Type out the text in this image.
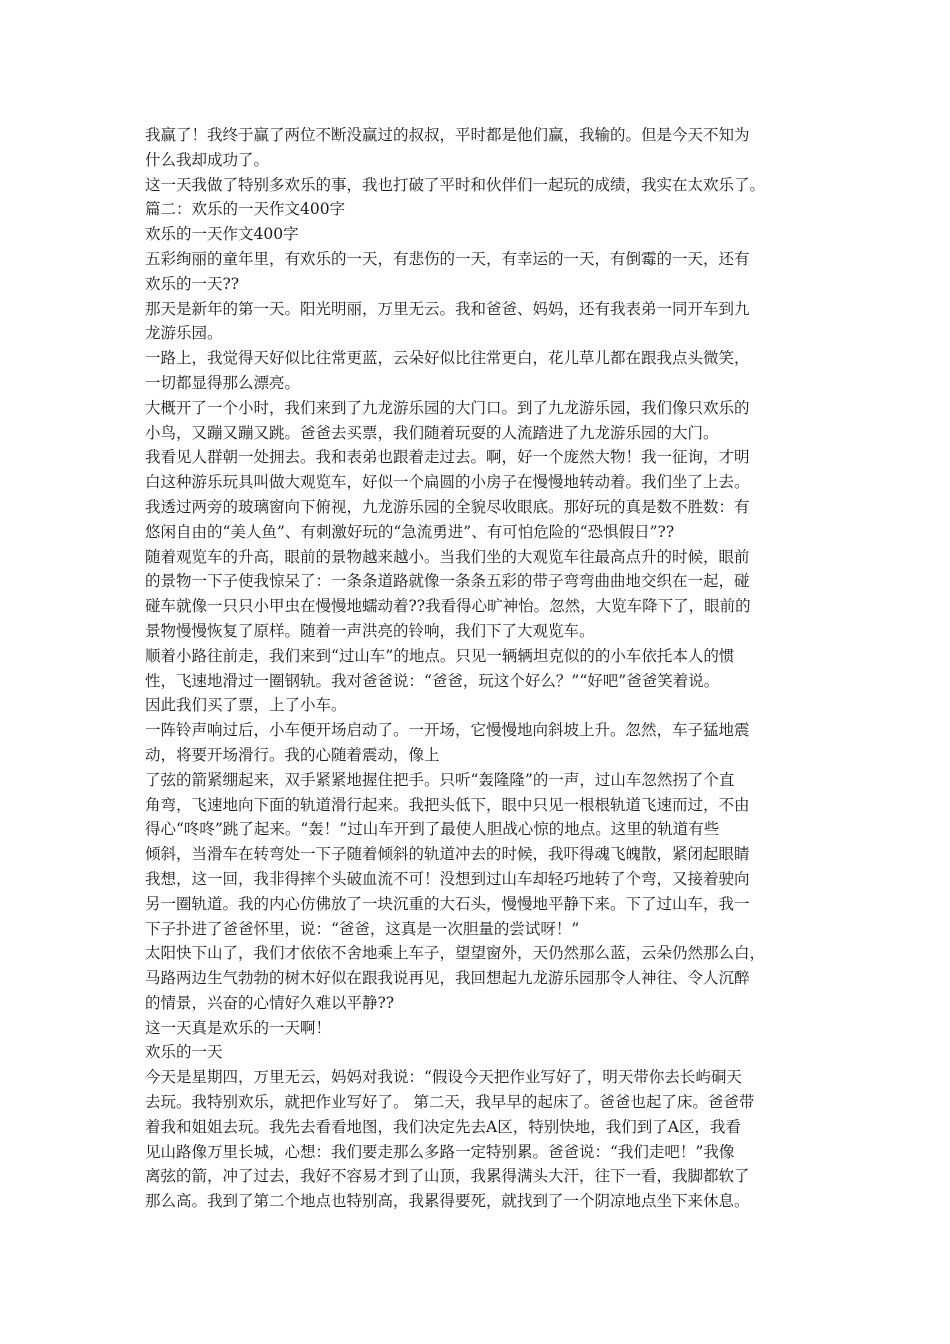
我赢了！我终于赢了两位不断没赢过的叔叔，平时都是他们赢，我输的。但是今天不知为
什么我却成功了。
这一天我做了特别多欢乐的事，我也打破了平时和伙伴们一起玩的成绩，我实在太欢乐了。
篇二：欢乐的一天作文400字
欢乐的一天作文400字
五彩绚丽的童年里，有欢乐的一天，有悲伤的一天，有幸运的一天，有倒霉的一天，还有
欢乐的一天??
那天是新年的第一天。阳光明丽，万里无云。我和爸爸、妈妈，还有我表弟一同开车到九
龙游乐园。
一路上，我觉得天好似比往常更蓝，云朵好似比往常更白，花儿草儿都在跟我点头微笑，
一切都显得那么漂亮。
大概开了一个小时，我们来到了九龙游乐园的大门口。到了九龙游乐园，我们像只欢乐的
小鸟，又蹦又蹦又跳。爸爸去买票，我们随着玩耍的人流踏进了九龙游乐园的大门。
我看见人群朝一处拥去。我和表弟也跟着走过去。啊，好一个庞然大物！我一征询，才明
白这种游乐玩具叫做大观览车，好似一个扁圆的小房子在慢慢地转动着。我们坐了上去。
我透过两旁的玻璃窗向下俯视，九龙游乐园的全貌尽收眼底。那好玩的真是数不胜数：有
悠闲自由的“美人鱼”、有刺激好玩的“急流勇进”、有可怕危险的“恐惧假日”??
随着观览车的升高，眼前的景物越来越小。当我们坐的大观览车往最高点升的时候，眼前
的景物一下子使我惊呆了：一条条道路就像一条条五彩的带子弯弯曲曲地交织在一起，碰
碰车就像一只只小甲虫在慢慢地蠕动着??我看得心旷神怡。忽然，大览车降下了，眼前的
景物慢慢恢复了原样。随着一声洪亮的铃响，我们下了大观览车。
顺着小路往前走，我们来到“过山车”的地点。只见一辆辆坦克似的的小车依托本人的惯
性，飞速地滑过一圈钢轨。我对爸爸说：“爸爸，玩这个好么？”“好吧”爸爸笑着说。
因此我们买了票，上了小车。
一阵铃声响过后，小车便开场启动了。一开场，它慢慢地向斜坡上升。忽然，车子猛地震
动，将要开场滑行。我的心随着震动，像上
了弦的箭紧绷起来，双手紧紧地握住把手。只听“轰隆隆”的一声，过山车忽然拐了个直
角弯，飞速地向下面的轨道滑行起来。我把头低下，眼中只见一根根轨道飞速而过，不由
得心“咚咚”跳了起来。“轰！”过山车开到了最使人胆战心惊的地点。这里的轨道有些
倾斜，当滑车在转弯处一下子随着倾斜的轨道冲去的时候，我吓得魂飞魄散，紧闭起眼睛
我想，这一回，我非得摔个头破血流不可！没想到过山车却轻巧地转了个弯，又接着驶向
另一圈轨道。我的内心仿佛放了一块沉重的大石头，慢慢地平静下来。下了过山车，我一
下子扑进了爸爸怀里，说：“爸爸，这真是一次胆量的尝试呀！”
太阳快下山了，我们才依依不舍地乘上车子，望望窗外，天仍然那么蓝，云朵仍然那么白，
马路两边生气勃勃的树木好似在跟我说再见，我回想起九龙游乐园那令人神往、令人沉醉
的情景，兴奋的心情好久难以平静??
这一天真是欢乐的一天啊！
欢乐的一天
今天是星期四，万里无云，妈妈对我说：“假设今天把作业写好了，明天带你去长屿硐天
去玩。我特别欢乐，就把作业写好了。 第二天，我早早的起床了。爸爸也起了床。爸爸带
着我和姐姐去玩。我先去看看地图，我们决定先去A区，特别快地，我们到了A区，我看
见山路像万里长城，心想：我们要走那么多路一定特别累。爸爸说：“我们走吧！”我像
离弦的箭，冲了过去，我好不容易才到了山顶，我累得满头大汗，往下一看，我脚都软了
那么高。我到了第二个地点也特别高，我累得要死，就找到了一个阴凉地点坐下来休息。
